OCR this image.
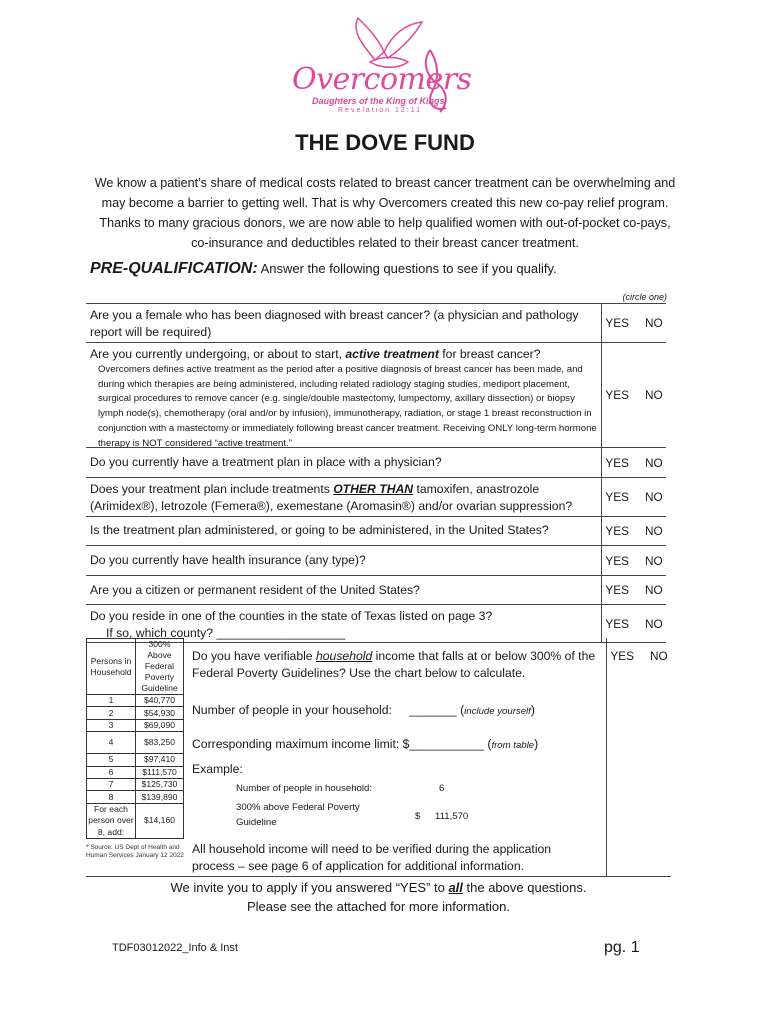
Overcomers
Daughters of the King of Kings
Revelation 12:11
THE DOVE FUND
We know a patient’s share of medical costs related to breast cancer treatment can be overwhelming and may become a barrier to getting well. That is why Overcomers created this new co-pay relief program. Thanks to many gracious donors, we are now able to help qualified women with out-of-pocket co-pays, co-insurance and deductibles related to their breast cancer treatment.
PRE-QUALIFICATION: Answer the following questions to see if you qualify.
(circle one)
Are you a female who has been diagnosed with breast cancer? (a physician and pathology report will be required)
YES NO
Are you currently undergoing, or about to start, active treatment for breast cancer?
Overcomers defines active treatment as the period after a positive diagnosis of breast cancer has been made, and during which therapies are being administered, including related radiology staging studies, mediport placement, surgical procedures to remove cancer (e.g. single/double mastectomy, lumpectomy, axillary dissection) or biopsy lymph node(s), chemotherapy (oral and/or by infusion), immunotherapy, radiation, or stage 1 breast reconstruction in conjunction with a mastectomy or immediately following breast cancer treatment. Receiving ONLY long-term hormone therapy is NOT considered “active treatment.”
YES NO
Do you currently have a treatment plan in place with a physician?	YES NO
Does your treatment plan include treatments OTHER THAN tamoxifen, anastrozole (Arimidex®), letrozole (Femera®), exemestane (Aromasin®) and/or ovarian suppression?
YES NO
Is the treatment plan administered, or going to be administered, in the United States?	YES NO
Do you currently have health insurance (any type)?	YES NO
Are you a citizen or permanent resident of the United States?	YES NO
Do you reside in one of the counties in the state of Texas listed on page 3?
If so, which county? ___________________
YES NO
Persons in Household	300% Above Federal Poverty Guideline
1	$40,770
2	$54,930
3	$69,090
4	$83,250
5	$97,410
6	$111,570
7	$125,730
8	$139,890
For each person over 8, add:	$14,160
* Source: US Dept of Health and Human Services January 12 2022
Do you have verifiable household income that falls at or below 300% of the Federal Poverty Guidelines? Use the chart below to calculate.
Number of people in your household: _______ (include yourself)
Corresponding maximum income limit: $___________ (from table)
Example:
Number of people in household:	6
300% above Federal Poverty Guideline	$ 111,570
All household income will need to be verified during the application process – see page 6 of application for additional information.
YES NO
We invite you to apply if you answered “YES” to all the above questions.
Please see the attached for more information.
TDF03012022_Info & Inst	pg. 1
